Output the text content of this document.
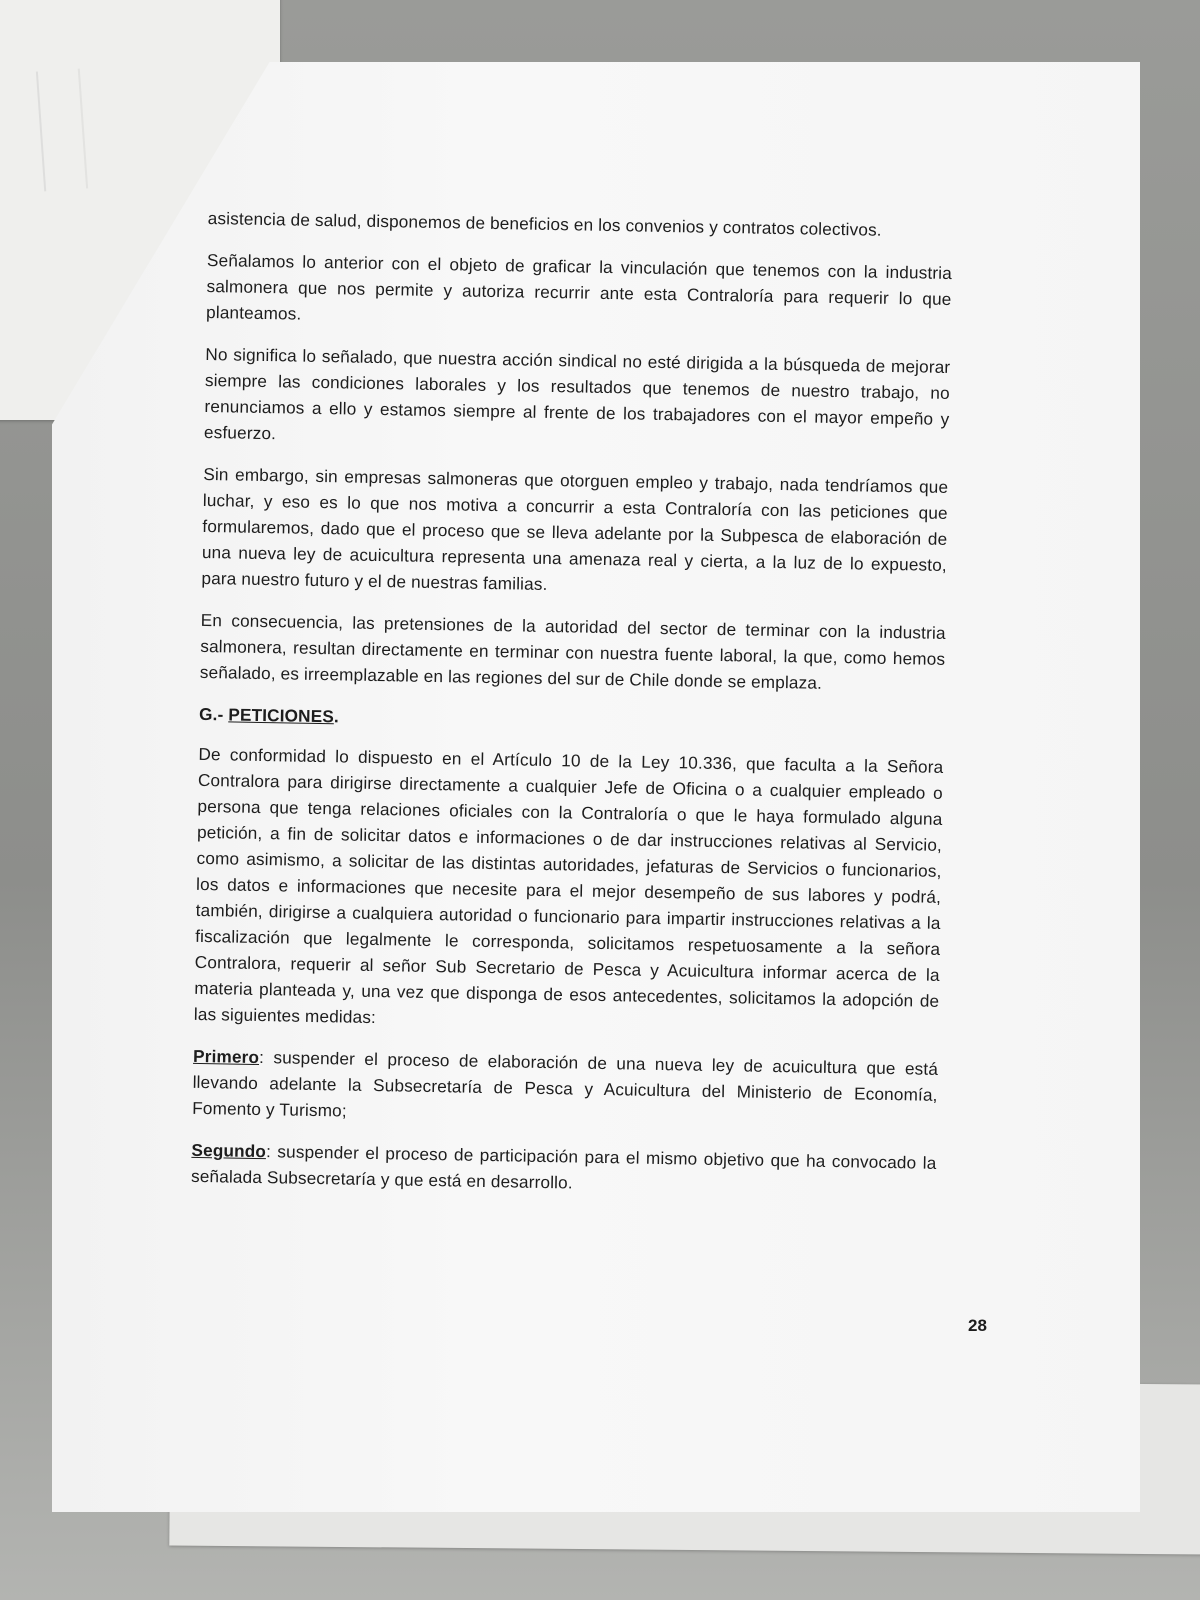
asistencia de salud, disponemos de beneficios en los convenios y contratos colectivos.

Señalamos lo anterior con el objeto de graficar la vinculación que tenemos con la industria salmonera que nos permite y autoriza recurrir ante esta Contraloría para requerir lo que planteamos.

No significa lo señalado, que nuestra acción sindical no esté dirigida a la búsqueda de mejorar siempre las condiciones laborales y los resultados que tenemos de nuestro trabajo, no renunciamos a ello y estamos siempre al frente de los trabajadores con el mayor empeño y esfuerzo.

Sin embargo, sin empresas salmoneras que otorguen empleo y trabajo, nada tendríamos que luchar, y eso es lo que nos motiva a concurrir a esta Contraloría con las peticiones que formularemos, dado que el proceso que se lleva adelante por la Subpesca de elaboración de una nueva ley de acuicultura representa una amenaza real y cierta, a la luz de lo expuesto, para nuestro futuro y el de nuestras familias.

En consecuencia, las pretensiones de la autoridad del sector de terminar con la industria salmonera, resultan directamente en terminar con nuestra fuente laboral, la que, como hemos señalado, es irreemplazable en las regiones del sur de Chile donde se emplaza.

G.- PETICIONES.

De conformidad lo dispuesto en el Artículo 10 de la Ley 10.336, que faculta a la Señora Contralora para dirigirse directamente a cualquier Jefe de Oficina o a cualquier empleado o persona que tenga relaciones oficiales con la Contraloría o que le haya formulado alguna petición, a fin de solicitar datos e informaciones o de dar instrucciones relativas al Servicio, como asimismo, a solicitar de las distintas autoridades, jefaturas de Servicios o funcionarios, los datos e informaciones que necesite para el mejor desempeño de sus labores y podrá, también, dirigirse a cualquiera autoridad o funcionario para impartir instrucciones relativas a la fiscalización que legalmente le corresponda, solicitamos respetuosamente a la señora Contralora, requerir al señor Sub Secretario de Pesca y Acuicultura informar acerca de la materia planteada y, una vez que disponga de esos antecedentes, solicitamos la adopción de las siguientes medidas:

Primero: suspender el proceso de elaboración de una nueva ley de acuicultura que está llevando adelante la Subsecretaría de Pesca y Acuicultura del Ministerio de Economía, Fomento y Turismo;

Segundo: suspender el proceso de participación para el mismo objetivo que ha convocado la señalada Subsecretaría y que está en desarrollo.

28
